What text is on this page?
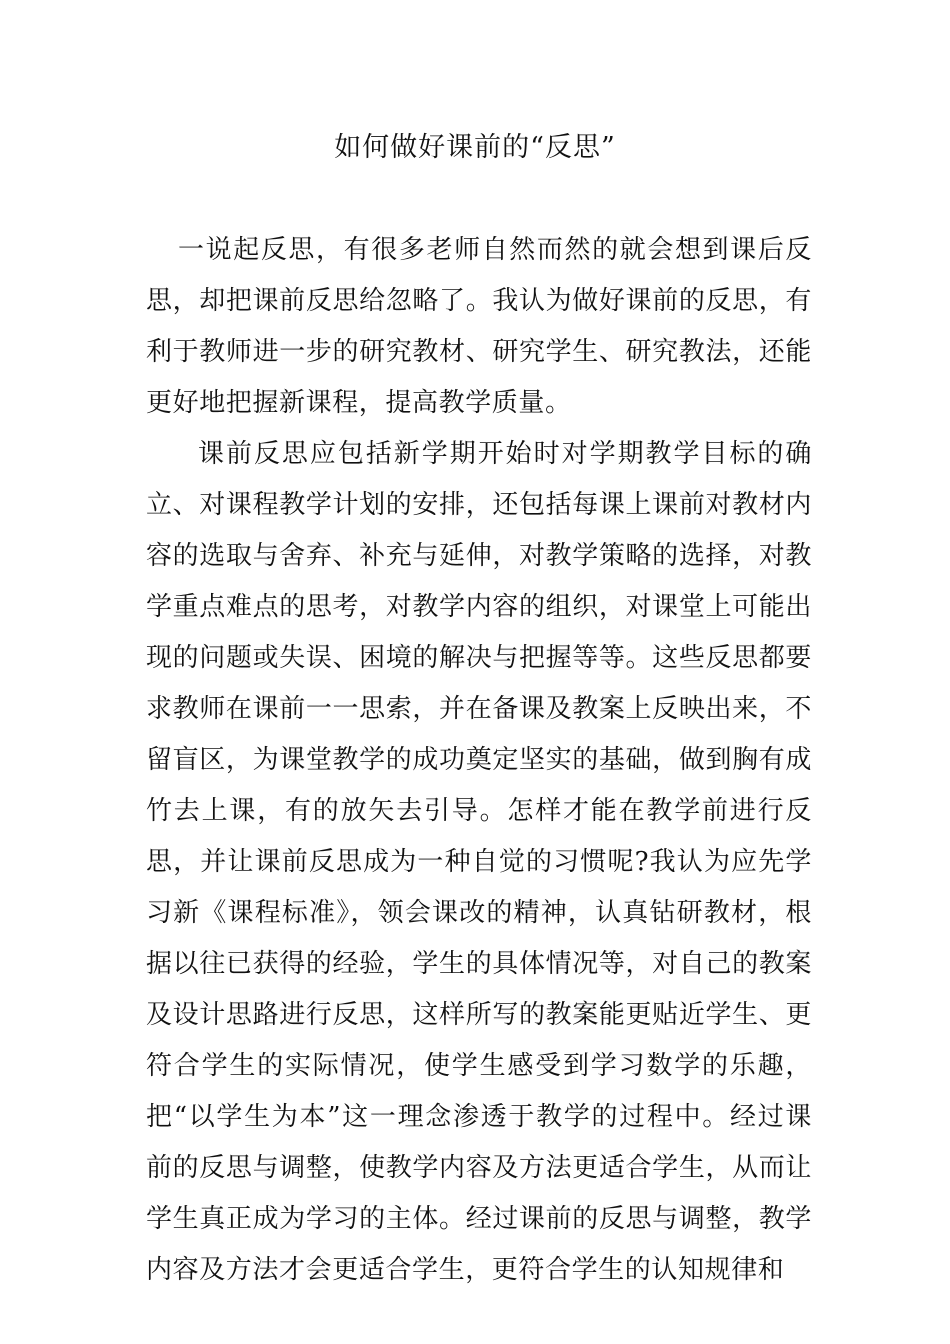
如何做好课前的“反思”

一说起反思，有很多老师自然而然的就会想到课后反思，却把课前反思给忽略了。我认为做好课前的反思，有利于教师进一步的研究教材、研究学生、研究教法，还能更好地把握新课程，提高教学质量。

课前反思应包括新学期开始时对学期教学目标的确立、对课程教学计划的安排，还包括每课上课前对教材内容的选取与舍弃、补充与延伸，对教学策略的选择，对教学重点难点的思考，对教学内容的组织，对课堂上可能出现的问题或失误、困境的解决与把握等等。这些反思都要求教师在课前一一思索，并在备课及教案上反映出来，不留盲区，为课堂教学的成功奠定坚实的基础，做到胸有成竹去上课，有的放矢去引导。怎样才能在教学前进行反思，并让课前反思成为一种自觉的习惯呢?我认为应先学习新《课程标准》，领会课改的精神，认真钻研教材，根据以往已获得的经验，学生的具体情况等，对自己的教案及设计思路进行反思，这样所写的教案能更贴近学生、更符合学生的实际情况，使学生感受到学习数学的乐趣，把“以学生为本”这一理念渗透于教学的过程中。经过课前的反思与调整，使教学内容及方法更适合学生，从而让学生真正成为学习的主体。经过课前的反思与调整，教学内容及方法才会更适合学生，更符合学生的认知规律和
